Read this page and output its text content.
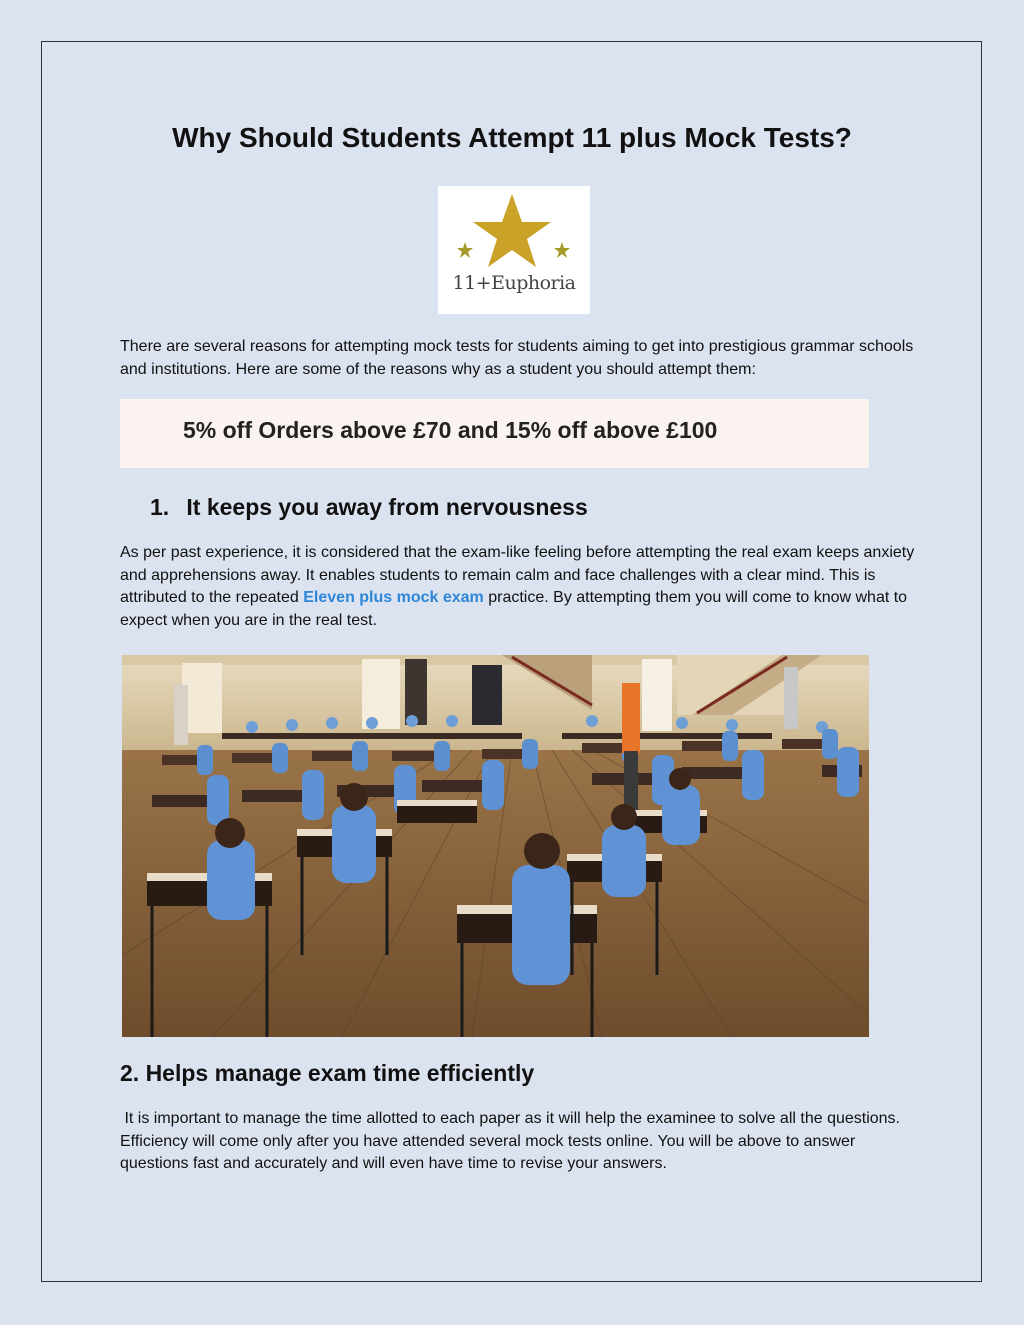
Why Should Students Attempt 11 plus Mock Tests?
11+Euphoria

There are several reasons for attempting mock tests for students aiming to get into prestigious grammar schools and institutions. Here are some of the reasons why as a student you should attempt them:

5% off Orders above £70 and 15% off above £100
1. It keeps you away from nervousness

As per past experience, it is considered that the exam-like feeling before attempting the real exam keeps anxiety and apprehensions away. It enables students to remain calm and face challenges with a clear mind. This is attributed to the repeated Eleven plus mock exam practice. By attempting them you will come to know what to expect when you are in the real test.

2. Helps manage exam time efficiently

It is important to manage the time allotted to each paper as it will help the examinee to solve all the questions. Efficiency will come only after you have attended several mock tests online. You will be above to answer questions fast and accurately and will even have time to revise your answers.
